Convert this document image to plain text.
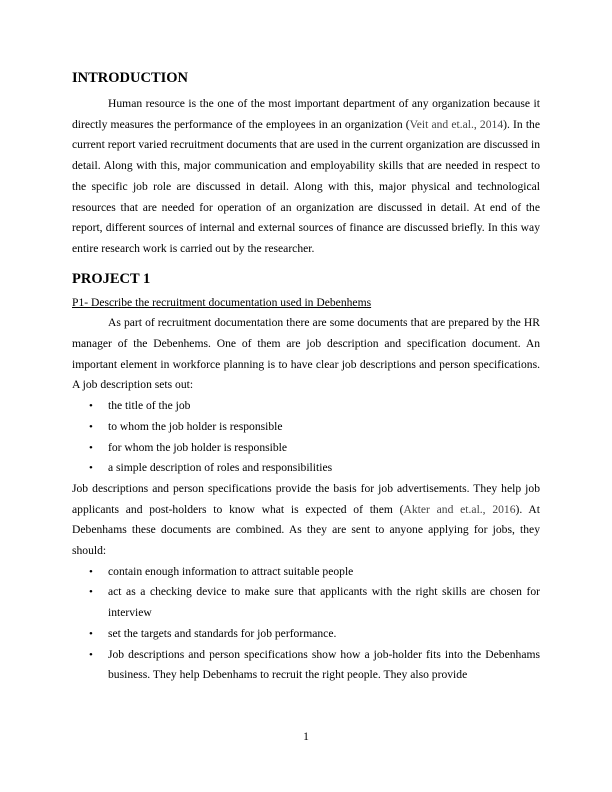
INTRODUCTION

Human resource is the one of the most important department of any organization because it directly measures the performance of the employees in an organization (Veit and et.al., 2014). In the current report varied recruitment documents that are used in the current organization are discussed in detail. Along with this, major communication and employability skills that are needed in respect to the specific job role are discussed in detail. Along with this, major physical and technological resources that are needed for operation of an organization are discussed in detail. At end of the report, different sources of internal and external sources of finance are discussed briefly. In this way entire research work is carried out by the researcher.

PROJECT 1
P1- Describe the recruitment documentation used in Debenhems

As part of recruitment documentation there are some documents that are prepared by the HR manager of the Debenhems. One of them are job description and specification document. An important element in workforce planning is to have clear job descriptions and person specifications. A job description sets out:

• the title of the job
• to whom the job holder is responsible
• for whom the job holder is responsible
• a simple description of roles and responsibilities

Job descriptions and person specifications provide the basis for job advertisements. They help job applicants and post-holders to know what is expected of them (Akter and et.al., 2016). At Debenhams these documents are combined. As they are sent to anyone applying for jobs, they should:

• contain enough information to attract suitable people
• act as a checking device to make sure that applicants with the right skills are chosen for interview
• set the targets and standards for job performance.
• Job descriptions and person specifications show how a job-holder fits into the Debenhams business. They help Debenhams to recruit the right people. They also provide
1
